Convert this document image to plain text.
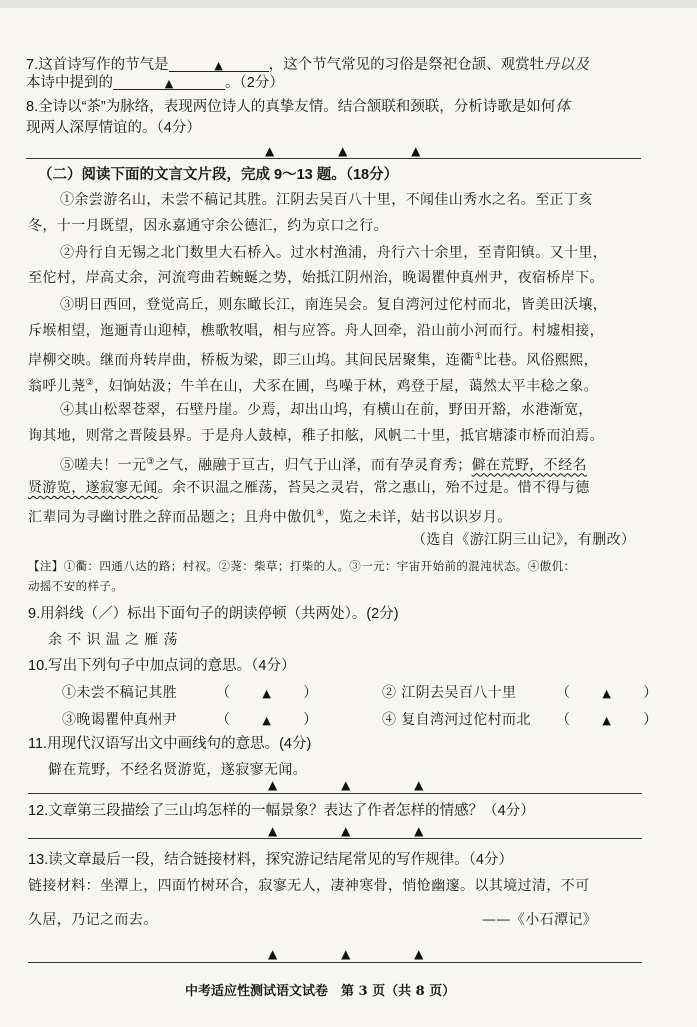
7.这首诗写作的节气是	▲	，这个节气常见的习俗是祭祀仓颉、观赏牡丹以及
本诗中提到的	▲	。（2分）
8.全诗以“茶”为脉络，表现两位诗人的真挚友情。结合颔联和颈联，分析诗歌是如何体
现两人深厚情谊的。（4分）
▲	▲	▲
（二）阅读下面的文言文片段，完成 9～13 题。（18分）
①余尝游名山，未尝不稿记其胜。江阴去吴百八十里，不闻佳山秀水之名。至正丁亥
冬，十一月既望，因永嘉通守余公德汇，约为京口之行。
②舟行自无锡之北门数里大石桥入。过水村渔浦，舟行六十余里，至青阳镇。又十里，
至佗村，岸高丈余，河流弯曲若蜿蜒之势，始抵江阴州治，晚谒瞿仲真州尹，夜宿桥岸下。
③明日西回，登觉高丘，则东瞰长江，南连吴会。复自湾河过佗村而北，皆美田沃壤，
斥堠相望，迤逦青山迎棹，樵歌牧唱，相与应答。舟人回牵，沿山前小河而行。村墟相接，
岸柳交映。继而舟转岸曲，桥板为梁，即三山坞。其间民居聚集，连衢①比巷。风俗熙熙，
翁呼儿荛②，妇饷姑汲；牛羊在山，犬豕在圃，鸟噪于林，鸡登于屋，蔼然太平丰稔之象。
④其山松翠苍翠，石壁丹崖。少焉，却出山坞，有横山在前，野田开豁，水港渐宽，
询其地，则常之晋陵县界。于是舟人鼓棹，稚子扣舷，风帆二十里，抵官塘漆市桥而泊焉。
⑤嗟夫！一元③之气，融融于亘古，归气于山泽，而有孕灵育秀；僻在荒野，不经名
贤游览，遂寂寥无闻。余不识温之雁荡，苔吴之灵岩，常之惠山，殆不过是。惜不得与德
汇辈同为寻幽讨胜之辞而品题之；且舟中傲仉④，览之未详，姑书以识岁月。
（选自《游江阴三山记》，有删改）
【注】①衢：四通八达的路；村衩。②荛：柴草；打柴的人。③一元：宇宙开始前的混沌状态。④傲仉：
动摇不安的样子。
9.用斜线（／）标出下面句子的朗读停顿（共两处）。(2分)
余 不 识 温 之 雁 荡
10.写出下列句子中加点词的意思。（4分）
①未尝不稿记其胜	（	▲ ）	② 江阴去吴百八十里	（	▲ ）
③晚谒瞿仲真州尹	（	▲ ）	④ 复自湾河过佗村而北 （	▲ ）
11.用现代汉语写出文中画线句的意思。(4分)
僻在荒野，不经名贤游览，遂寂寥无闻。
▲	▲	▲
12.文章第三段描绘了三山坞怎样的一幅景象？表达了作者怎样的情感？（4分）
▲	▲	▲
13.读文章最后一段，结合链接材料，探究游记结尾常见的写作规律。（4分）
链接材料：坐潭上，四面竹树环合，寂寥无人，凄神寒骨，悄怆幽邃。以其境过清，不可
久居，乃记之而去。	——《小石潭记》
▲	▲	▲
中考适应性测试语文试卷　第 3 页（共 8 页）
